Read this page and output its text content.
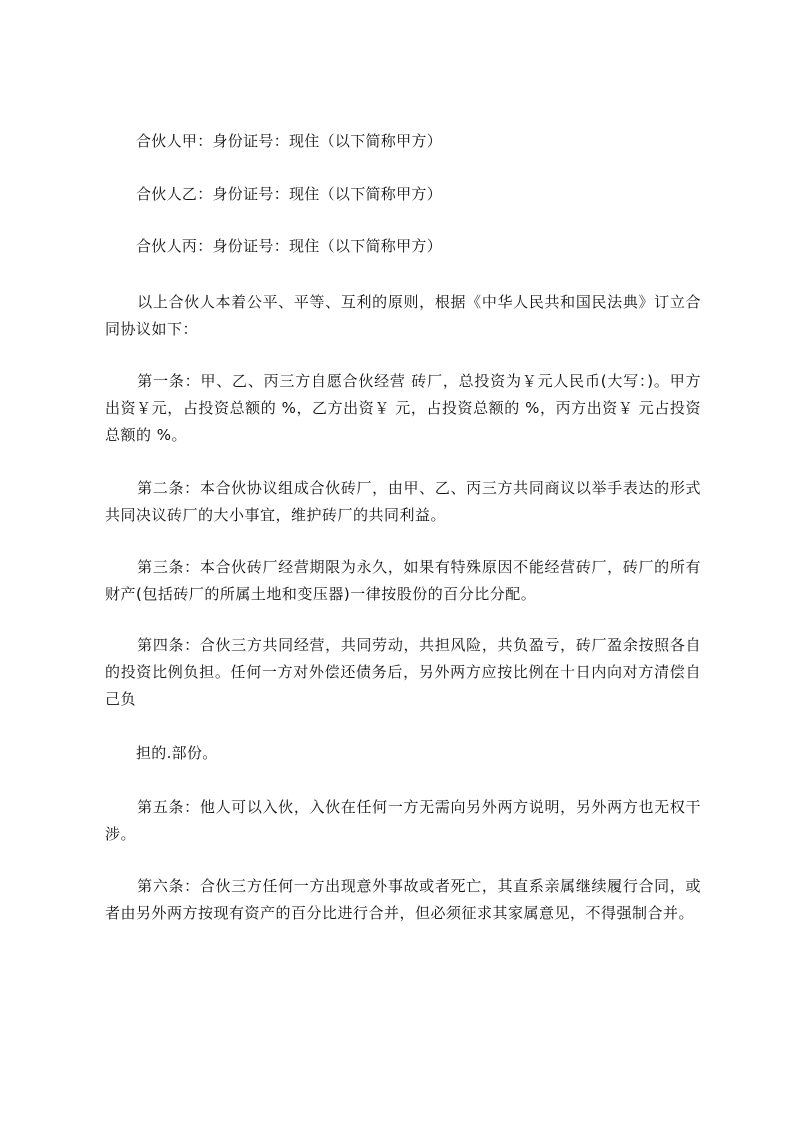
合伙人甲：身份证号：现住（以下简称甲方）
合伙人乙：身份证号：现住（以下简称甲方）
合伙人丙：身份证号：现住（以下简称甲方）
以上合伙人本着公平、平等、互利的原则，根据《中华人民共和国民法典》订立合同协议如下：
第一条：甲、乙、丙三方自愿合伙经营 砖厂，总投资为￥元人民币(大写：)。甲方出资￥元，占投资总额的 %，乙方出资￥ 元，占投资总额的 %，丙方出资￥ 元占投资总额的 %。
第二条：本合伙协议组成合伙砖厂，由甲、乙、丙三方共同商议以举手表达的形式共同决议砖厂的大小事宜，维护砖厂的共同利益。
第三条：本合伙砖厂经营期限为永久，如果有特殊原因不能经营砖厂，砖厂的所有财产(包括砖厂的所属土地和变压器)一律按股份的百分比分配。
第四条：合伙三方共同经营，共同劳动，共担风险，共负盈亏，砖厂盈余按照各自的投资比例负担。任何一方对外偿还债务后，另外两方应按比例在十日内向对方清偿自己负
担的.部份。
第五条：他人可以入伙，入伙在任何一方无需向另外两方说明，另外两方也无权干涉。
第六条：合伙三方任何一方出现意外事故或者死亡，其直系亲属继续履行合同，或者由另外两方按现有资产的百分比进行合并，但必须征求其家属意见，不得强制合并。
